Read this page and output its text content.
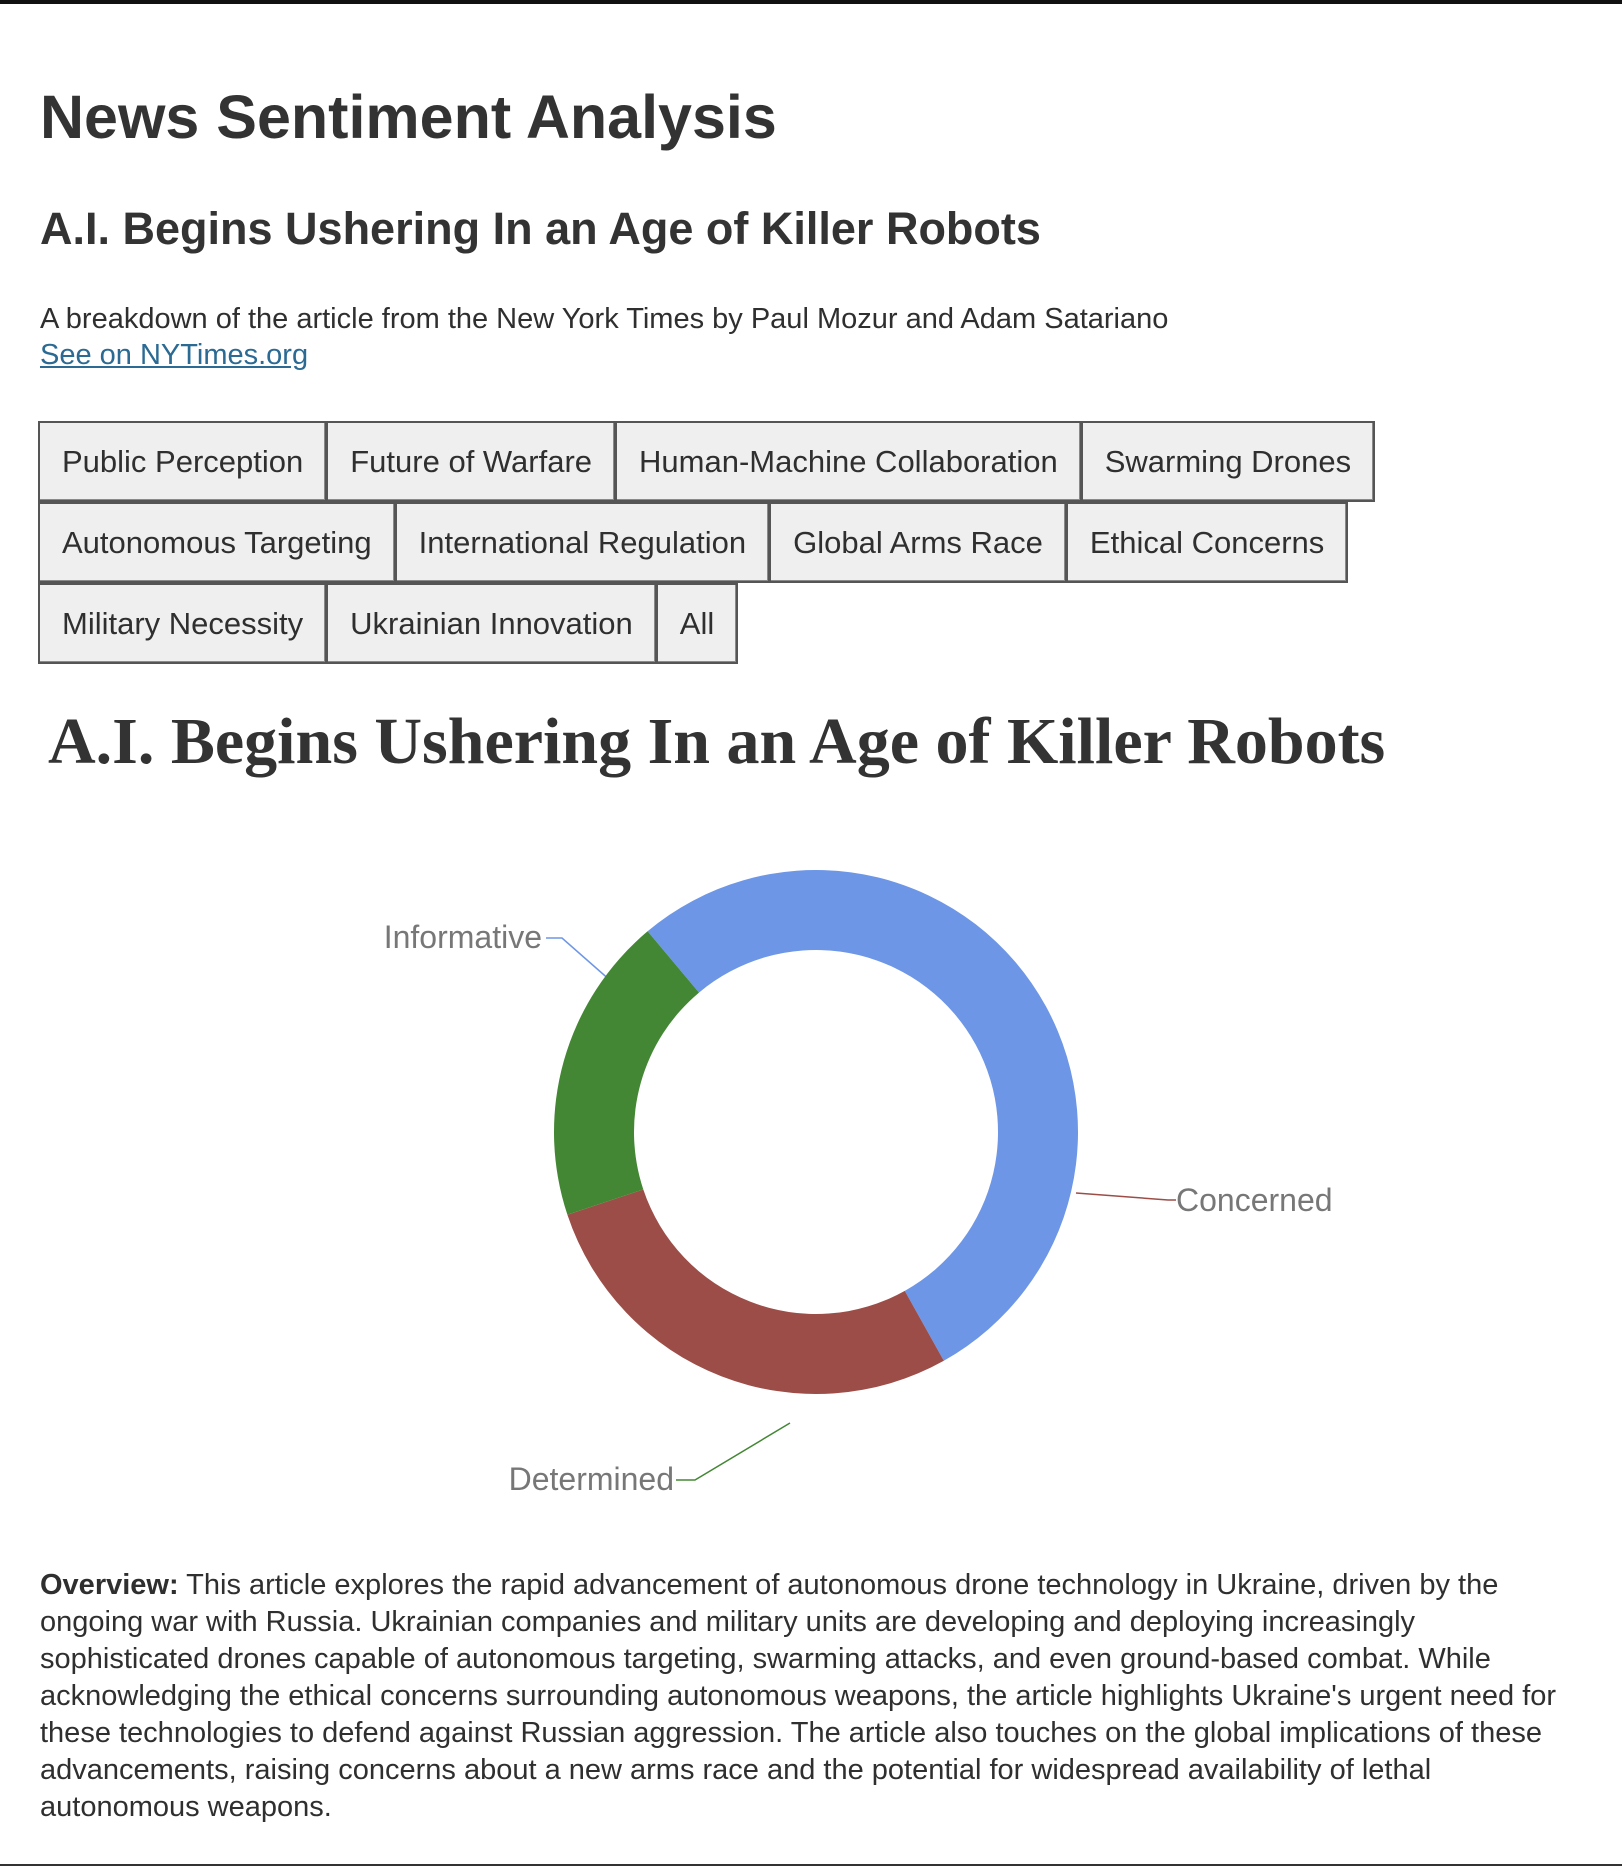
News Sentiment Analysis
A.I. Begins Ushering In an Age of Killer Robots
A breakdown of the article from the New York Times by Paul Mozur and Adam Satariano
See on NYTimes.org
Public Perception	Future of Warfare	Human-Machine Collaboration	Swarming Drones
Autonomous Targeting	International Regulation	Global Arms Race	Ethical Concerns
Military Necessity	Ukrainian Innovation	All
Informative
Concerned
Determined
A.I. Begins Ushering In an Age of Killer Robots

Overview: This article explores the rapid advancement of autonomous drone technology in Ukraine, driven by the ongoing war with Russia. Ukrainian companies and military units are developing and deploying increasingly sophisticated drones capable of autonomous targeting, swarming attacks, and even ground-based combat. While acknowledging the ethical concerns surrounding autonomous weapons, the article highlights Ukraine's urgent need for these technologies to defend against Russian aggression. The article also touches on the global implications of these advancements, raising concerns about a new arms race and the potential for widespread availability of lethal autonomous weapons.
